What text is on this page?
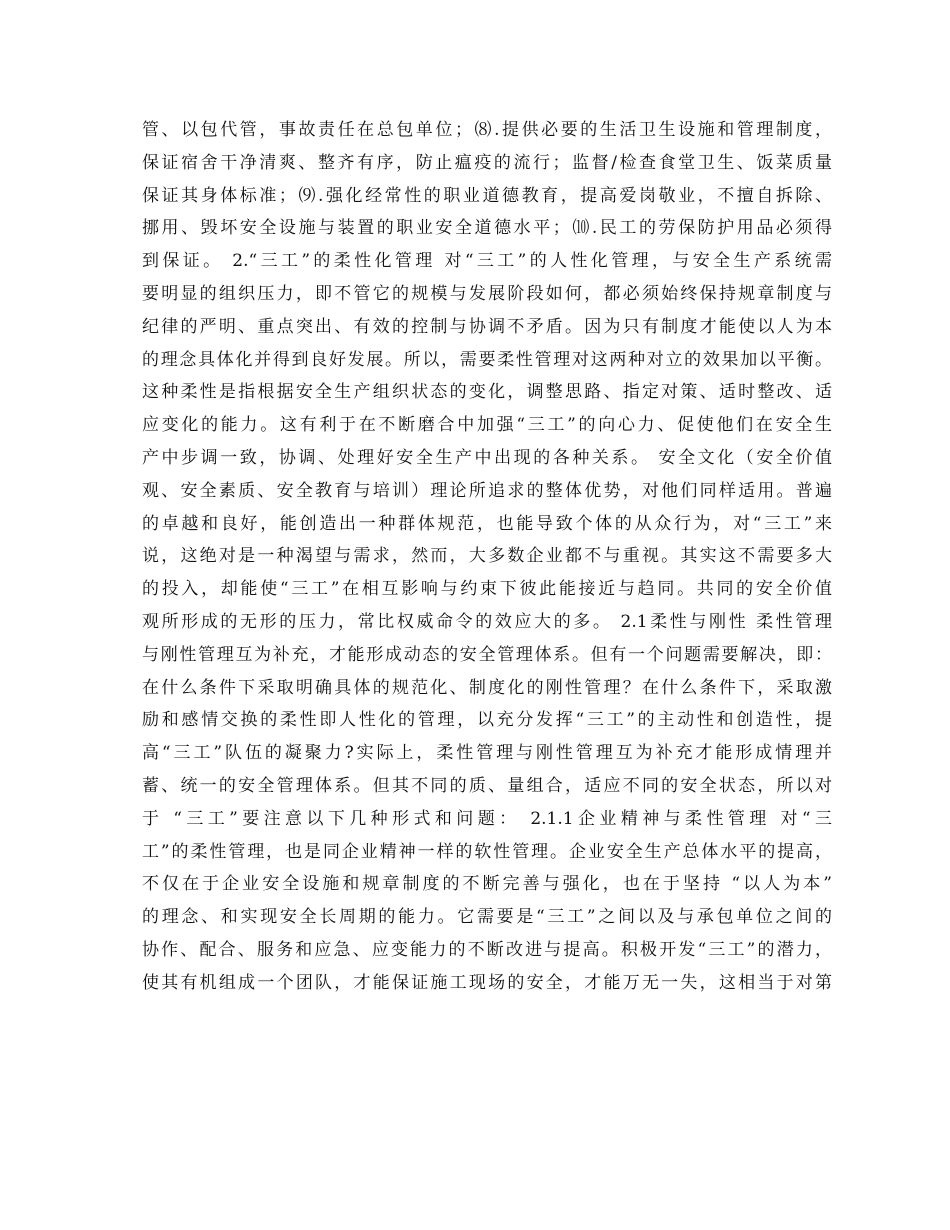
管、以包代管，事故责任在总包单位；⑻.提供必要的生活卫生设施和管理制度，
保证宿舍干净清爽、整齐有序，防止瘟疫的流行；监督/检查食堂卫生、饭菜质量
保证其身体标准；⑼.强化经常性的职业道德教育，提高爱岗敬业，不擅自拆除、
挪用、毁坏安全设施与装置的职业安全道德水平；⑽.民工的劳保防护用品必须得
到保证。 2.“三工”的柔性化管理 对“三工”的人性化管理，与安全生产系统需
要明显的组织压力，即不管它的规模与发展阶段如何，都必须始终保持规章制度与
纪律的严明、重点突出、有效的控制与协调不矛盾。因为只有制度才能使以人为本
的理念具体化并得到良好发展。所以，需要柔性管理对这两种对立的效果加以平衡。
这种柔性是指根据安全生产组织状态的变化，调整思路、指定对策、适时整改、适
应变化的能力。这有利于在不断磨合中加强“三工”的向心力、促使他们在安全生
产中步调一致，协调、处理好安全生产中出现的各种关系。 安全文化（安全价值
观、安全素质、安全教育与培训）理论所追求的整体优势，对他们同样适用。普遍
的卓越和良好，能创造出一种群体规范，也能导致个体的从众行为，对“三工”来
说，这绝对是一种渴望与需求，然而，大多数企业都不与重视。其实这不需要多大
的投入，却能使“三工”在相互影响与约束下彼此能接近与趋同。共同的安全价值
观所形成的无形的压力，常比权威命令的效应大的多。 2.1柔性与刚性 柔性管理
与刚性管理互为补充，才能形成动态的安全管理体系。但有一个问题需要解决，即：
在什么条件下采取明确具体的规范化、制度化的刚性管理？在什么条件下，采取激
励和感情交换的柔性即人性化的管理，以充分发挥“三工”的主动性和创造性，提
高“三工”队伍的凝聚力?实际上，柔性管理与刚性管理互为补充才能形成情理并
蓄、统一的安全管理体系。但其不同的质、量组合，适应不同的安全状态，所以对
于 “三工”要注意以下几种形式和问题： 2.1.1企业精神与柔性管理 对“三
工”的柔性管理，也是同企业精神一样的软性管理。企业安全生产总体水平的提高，
不仅在于企业安全设施和规章制度的不断完善与强化，也在于坚持 “以人为本”
的理念、和实现安全长周期的能力。它需要是“三工”之间以及与承包单位之间的
协作、配合、服务和应急、应变能力的不断改进与提高。积极开发“三工”的潜力，
使其有机组成一个团队，才能保证施工现场的安全，才能万无一失，这相当于对第
